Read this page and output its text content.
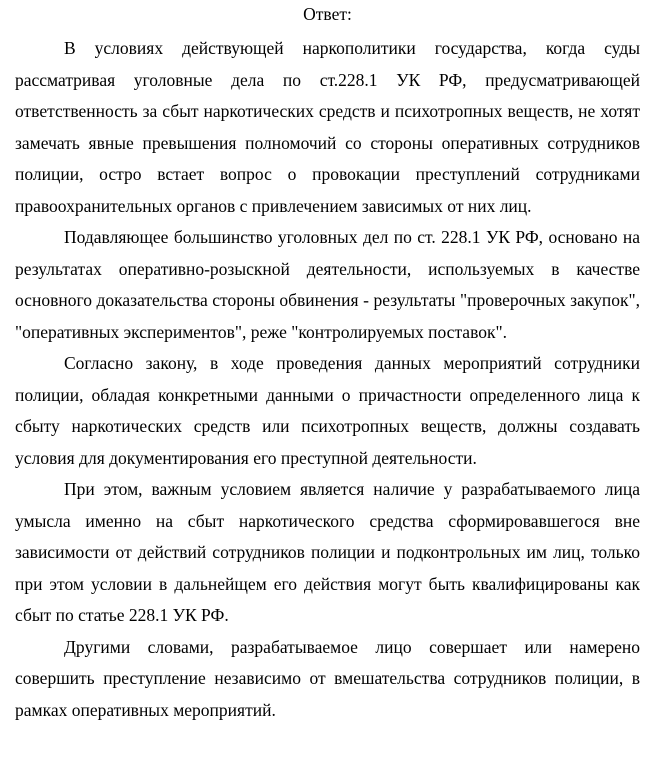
Ответ:

В условиях действующей наркополитики государства, когда суды рассматривая уголовные дела по ст.228.1 УК РФ, предусматривающей ответственность за сбыт наркотических средств и психотропных веществ, не хотят замечать явные превышения полномочий со стороны оперативных сотрудников полиции, остро встает вопрос о провокации преступлений сотрудниками правоохранительных органов с привлечением зависимых от них лиц.

Подавляющее большинство уголовных дел по ст. 228.1 УК РФ, основано на результатах оперативно-розыскной деятельности, используемых в качестве основного доказательства стороны обвинения - результаты "проверочных закупок", "оперативных экспериментов", реже "контролируемых поставок".

Согласно закону, в ходе проведения данных мероприятий сотрудники полиции, обладая конкретными данными о причастности определенного лица к сбыту наркотических средств или психотропных веществ, должны создавать условия для документирования его преступной деятельности.

При этом, важным условием является наличие у разрабатываемого лица умысла именно на сбыт наркотического средства сформировавшегося вне зависимости от действий сотрудников полиции и подконтрольных им лиц, только при этом условии в дальнейщем его действия могут быть квалифицированы как сбыт по статье 228.1 УК РФ.

Другими словами, разрабатываемое лицо совершает или намерено совершить преступление независимо от вмешательства сотрудников полиции, в рамках оперативных мероприятий.
